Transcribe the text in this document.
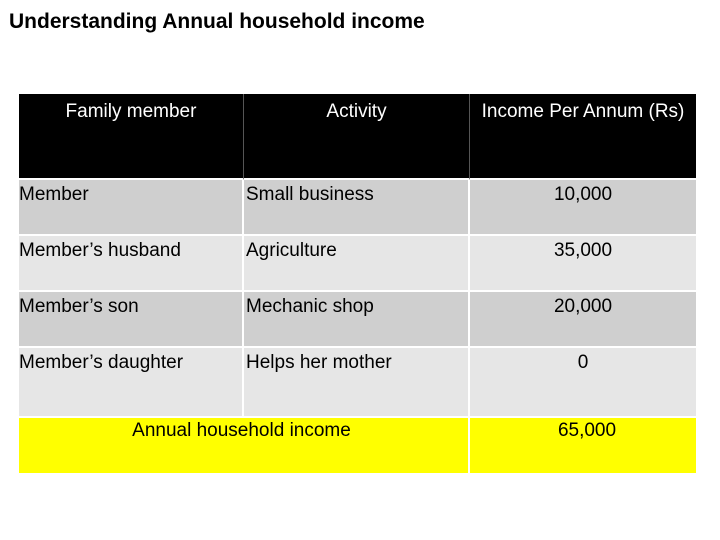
Understanding Annual household income
Family member	Activity	Income Per Annum (Rs)
Member	Small business	10,000
Member’s husband	Agriculture	35,000
Member’s son	Mechanic shop	20,000
Member’s daughter	Helps her mother	0
Annual household income	65,000
